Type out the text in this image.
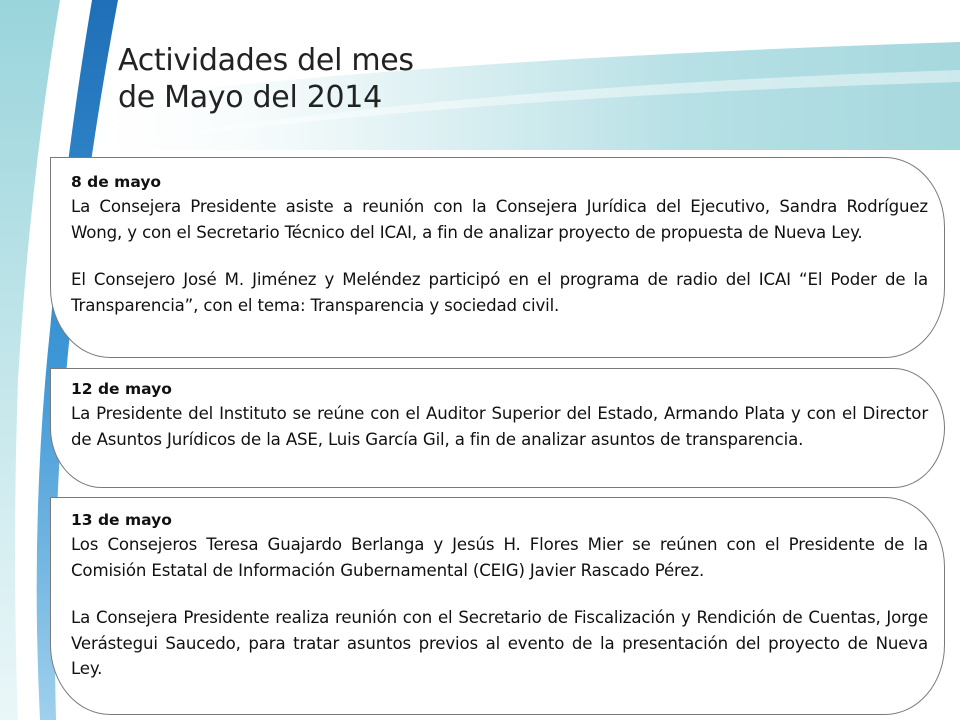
Actividades del mes
de Mayo del 2014

8 de mayo

La Consejera Presidente asiste a reunión con la Consejera Jurídica del Ejecutivo, Sandra Rodríguez Wong, y con el Secretario Técnico del ICAI, a fin de analizar proyecto de propuesta de Nueva Ley.

El Consejero José M. Jiménez y Meléndez participó en el programa de radio del ICAI “El Poder de la Transparencia”, con el tema: Transparencia y sociedad civil.

12 de mayo

La Presidente del Instituto se reúne con el Auditor Superior del Estado, Armando Plata y con el Director de Asuntos Jurídicos de la ASE, Luis García Gil, a fin de analizar asuntos de transparencia.

13 de mayo

Los Consejeros Teresa Guajardo Berlanga y Jesús H. Flores Mier se reúnen con el Presidente de la Comisión Estatal de Información Gubernamental (CEIG) Javier Rascado Pérez.

La Consejera Presidente realiza reunión con el Secretario de Fiscalización y Rendición de Cuentas, Jorge Verástegui Saucedo, para tratar asuntos previos al evento de la presentación del proyecto de Nueva Ley.
